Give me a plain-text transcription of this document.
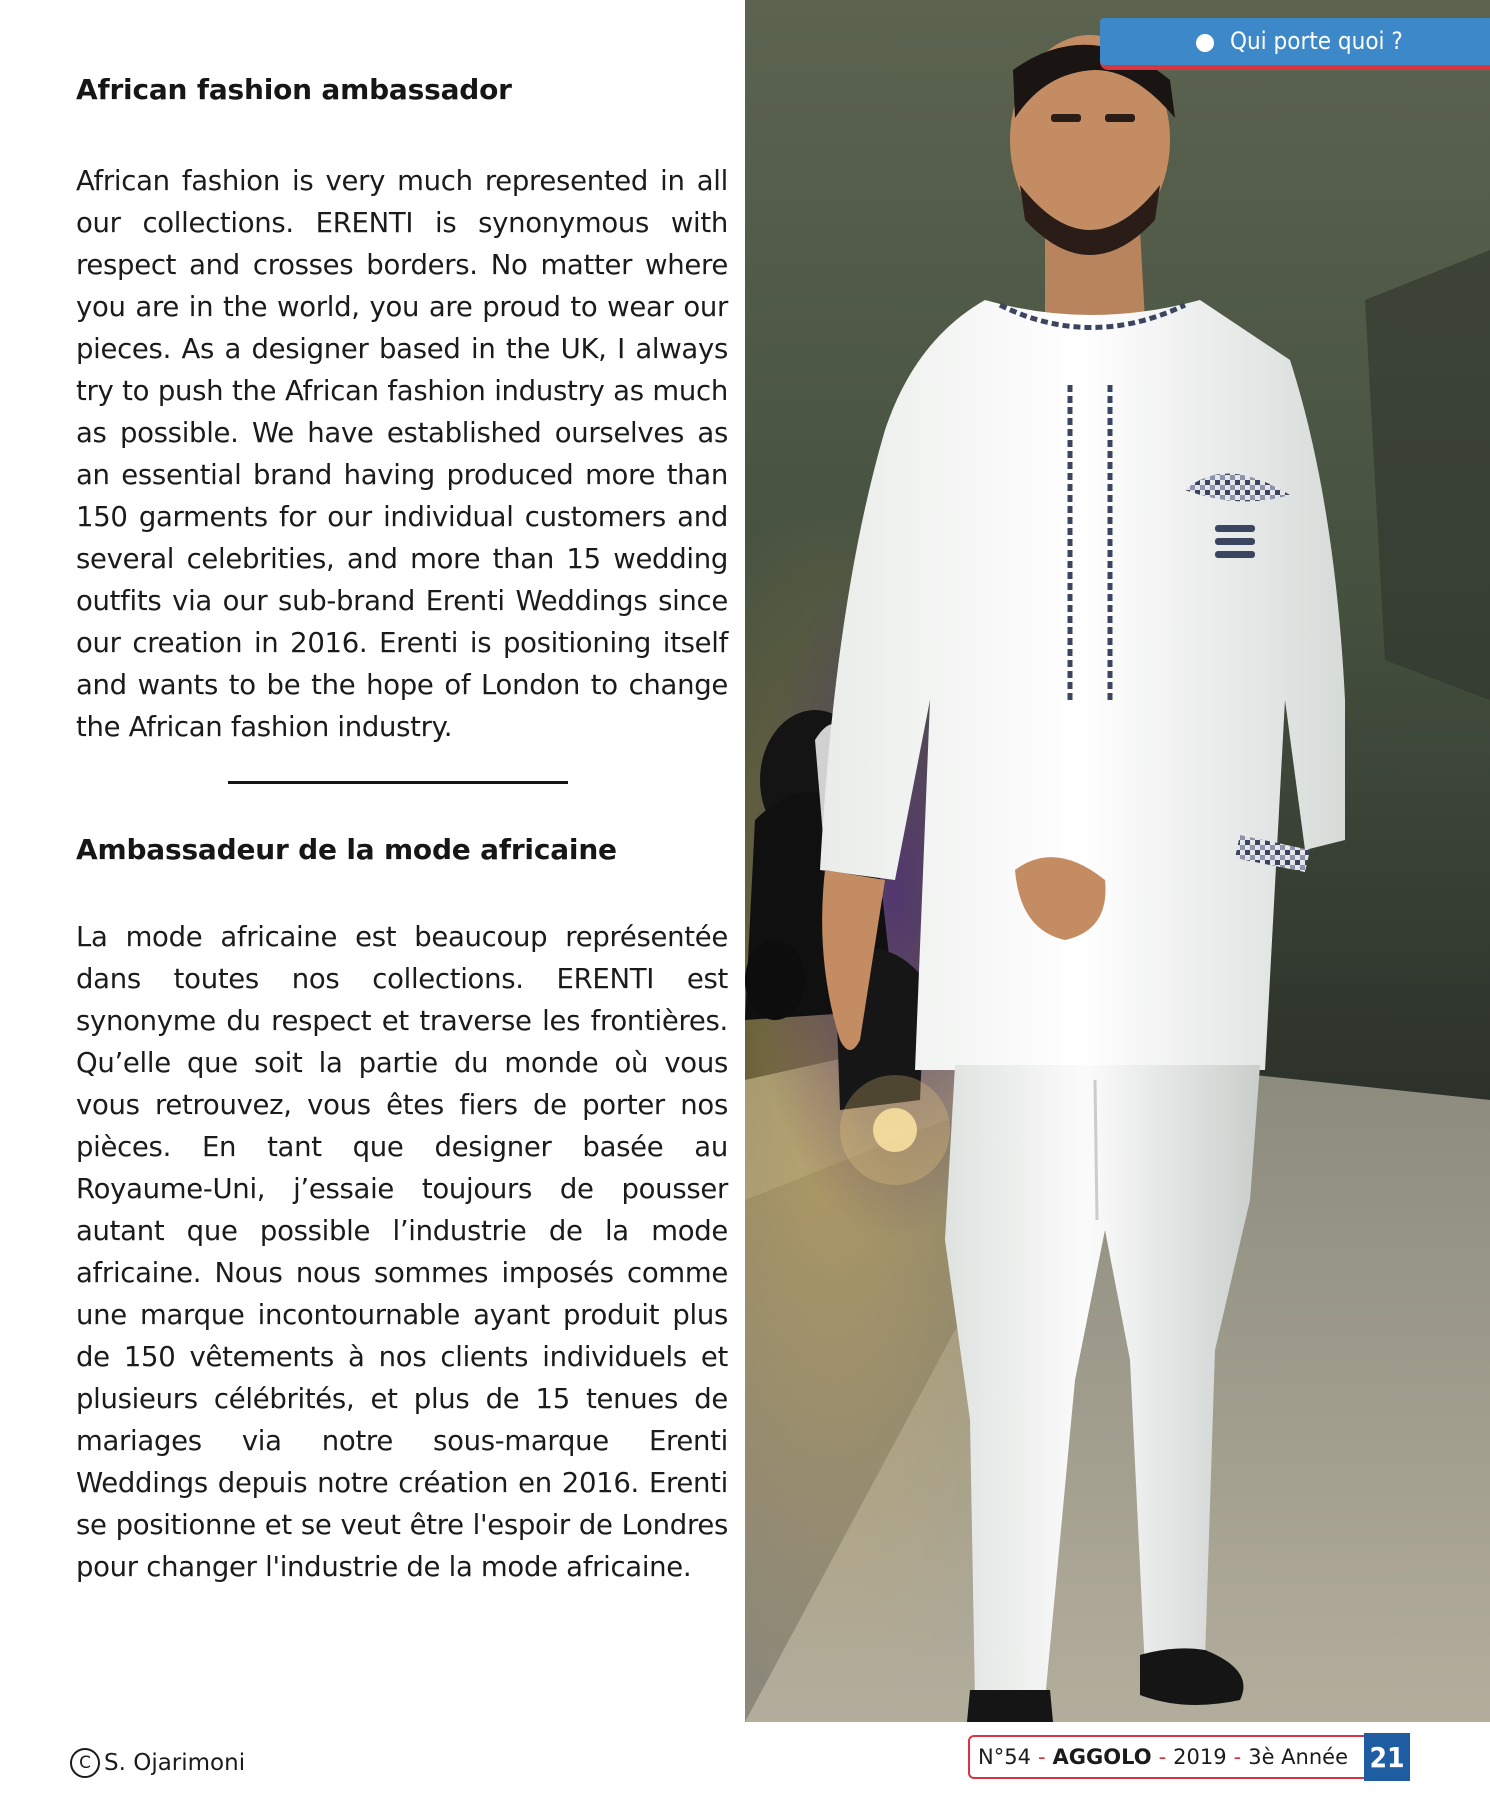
African fashion ambassador

African fashion is very much represented in all our collections. ERENTI is synonymous with respect and crosses borders. No matter where you are in the world, you are proud to wear our pieces. As a designer based in the UK, I always try to push the African fashion industry as much as possible. We have established ourselves as an essential brand having produced more than 150 garments for our individual customers and several celebrities, and more than 15 wedding outfits via our sub-brand Erenti Weddings since our creation in 2016. Erenti is positioning itself and wants to be the hope of London to change the African fashion industry.

Ambassadeur de la mode africaine

La mode africaine est beaucoup représentée dans toutes nos collections. ERENTI est synonyme du respect et traverse les frontières. Qu’elle que soit la partie du monde où vous vous retrouvez, vous êtes fiers de porter nos pièces. En tant que designer basée au Royaume-Uni, j’essaie toujours de pousser autant que possible l’industrie de la mode africaine. Nous nous sommes imposés comme une marque incontournable ayant produit plus de 150 vêtements à nos clients individuels et plusieurs célébrités, et plus de 15 tenues de mariages via notre sous-marque Erenti Weddings depuis notre création en 2016. Erenti se positionne et se veut être l'espoir de Londres pour changer l'industrie de la mode africaine.

Qui porte quoi ?
C S. Ojarimoni	N°54 - AGGOLO - 2019 - 3è Année 21
